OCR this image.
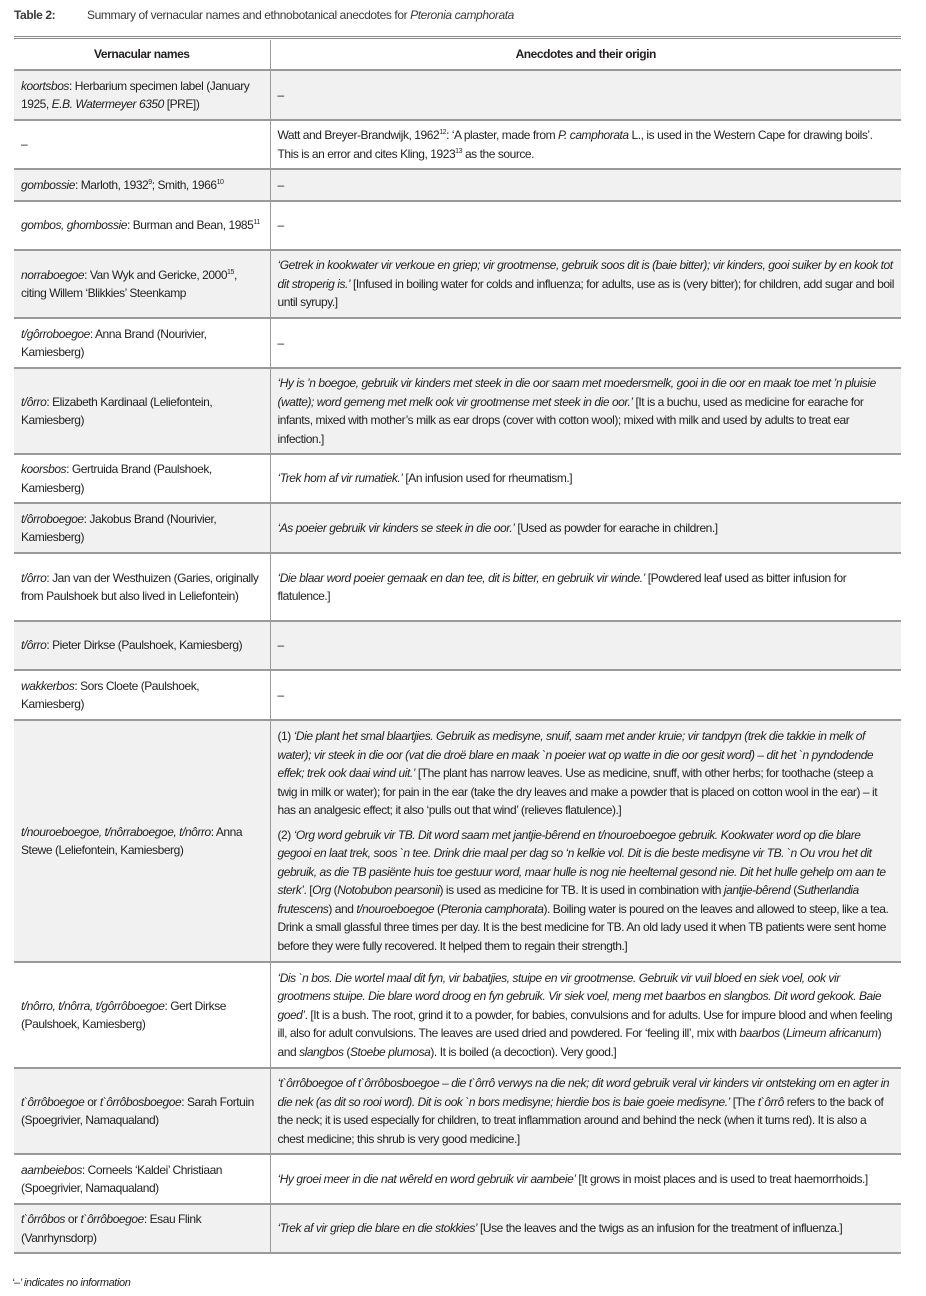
Table 2:	Summary of vernacular names and ethnobotanical anecdotes for Pteronia camphorata
Vernacular names	Anecdotes and their origin
koortsbos: Herbarium specimen label (January 1925, E.B. Watermeyer 6350 [PRE])	–

–	Watt and Breyer-Brandwijk, 1962$^{12}$: ‘A plaster, made from P. camphorata L., is used in the Western Cape for drawing boils’. This is an error and cites Kling, 1923$^{13}$ as the source.

gombossie: Marloth, 1932$^9$; Smith, 1966$^{10}$	–

gombos, ghombossie: Burman and Bean, 1985$^{11}$	–

norraboegoe: Van Wyk and Gericke, 2000$^{15}$, citing Willem ‘Blikkies’ Steenkamp	‘Getrek in kookwater vir verkoue en griep; vir grootmense, gebruik soos dit is (baie bitter); vir kinders, gooi suiker by en kook tot dit stroperig is.’ [Infused in boiling water for colds and influenza; for adults, use as is (very bitter); for children, add sugar and boil until syrupy.]

t/gôrroboegoe: Anna Brand (Nourivier, Kamiesberg)	–

t/ôrro: Elizabeth Kardinaal (Leliefontein, Kamiesberg)	‘Hy is ’n boegoe, gebruik vir kinders met steek in die oor saam met moedersmelk, gooi in die oor en maak toe met ’n pluisie (watte); word gemeng met melk ook vir grootmense met steek in die oor.’ [It is a buchu, used as medicine for earache for infants, mixed with mother’s milk as ear drops (cover with cotton wool); mixed with milk and used by adults to treat ear infection.]

koorsbos: Gertruida Brand (Paulshoek, Kamiesberg)	‘Trek hom af vir rumatiek.’ [An infusion used for rheumatism.]

t/ôrroboegoe: Jakobus Brand (Nourivier, Kamiesberg)	‘As poeier gebruik vir kinders se steek in die oor.’ [Used as powder for earache in children.]

t/ôrro: Jan van der Westhuizen (Garies, originally from Paulshoek but also lived in Leliefontein)	‘Die blaar word poeier gemaak en dan tee, dit is bitter, en gebruik vir winde.’ [Powdered leaf used as bitter infusion for flatulence.]

t/ôrro: Pieter Dirkse (Paulshoek, Kamiesberg)	–

wakkerbos: Sors Cloete (Paulshoek, Kamiesberg)	–

t/nouroeboegoe, t/nôrraboegoe, t/nôrro: Anna Stewe (Leliefontein, Kamiesberg)	(1) ‘Die plant het smal blaartjies. Gebruik as medisyne, snuif, saam met ander kruie; vir tandpyn (trek die takkie in melk of water); vir steek in die oor (vat die droë blare en maak `n poeier wat op watte in die oor gesit word) – dit het `n pyndodende effek; trek ook daai wind uit.’ [The plant has narrow leaves. Use as medicine, snuff, with other herbs; for toothache (steep a twig in milk or water); for pain in the ear (take the dry leaves and make a powder that is placed on cotton wool in the ear) – it has an analgesic effect; it also ‘pulls out that wind’ (relieves flatulence).]

(2) ‘Org word gebruik vir TB. Dit word saam met jantjie-bêrend en t/nouroeboegoe gebruik. Kookwater word op die blare gegooi en laat trek, soos `n tee. Drink drie maal per dag so ‘n kelkie vol. Dit is die beste medisyne vir TB. `n Ou vrou het dit gebruik, as die TB pasiënte huis toe gestuur word, maar hulle is nog nie heeltemal gesond nie. Dit het hulle gehelp om aan te sterk’. [Org (Notobubon pearsonii) is used as medicine for TB. It is used in combination with jantjie-bêrend (Sutherlandia frutescens) and t/nouroeboegoe (Pteronia camphorata). Boiling water is poured on the leaves and allowed to steep, like a tea. Drink a small glassful three times per day. It is the best medicine for TB. An old lady used it when TB patients were sent home before they were fully recovered. It helped them to regain their strength.]

t/nôrro, t/nôrra, t/gôrrôboegoe: Gert Dirkse (Paulshoek, Kamiesberg)	‘Dis `n bos. Die wortel maal dit fyn, vir babatjies, stuipe en vir grootmense. Gebruik vir vuil bloed en siek voel, ook vir grootmens stuipe. Die blare word droog en fyn gebruik. Vir siek voel, meng met baarbos en slangbos. Dit word gekook. Baie goed’. [It is a bush. The root, grind it to a powder, for babies, convulsions and for adults. Use for impure blood and when feeling ill, also for adult convulsions. The leaves are used dried and powdered. For ‘feeling ill’, mix with baarbos (Limeum africanum) and slangbos (Stoebe plumosa). It is boiled (a decoction). Very good.]

t`ôrrôboegoe or t`ôrrôbosboegoe: Sarah Fortuin (Spoegrivier, Namaqualand)	‘t`ôrrôboegoe of t`ôrrôbosboegoe – die t`ôrrô verwys na die nek; dit word gebruik veral vir kinders vir ontsteking om en agter in die nek (as dit so rooi word). Dit is ook `n bors medisyne; hierdie bos is baie goeie medisyne.’ [The t`ôrrô refers to the back of the neck; it is used especially for children, to treat inflammation around and behind the neck (when it turns red). It is also a chest medicine; this shrub is very good medicine.]

aambeiebos: Corneels ‘Kaldei’ Christiaan (Spoegrivier, Namaqualand)	‘Hy groei meer in die nat wêreld en word gebruik vir aambeie’ [It grows in moist places and is used to treat haemorrhoids.]

t`ôrrôbos or t`ôrrôboegoe: Esau Flink (Vanrhynsdorp)	‘Trek af vir griep die blare en die stokkies’ [Use the leaves and the twigs as an infusion for the treatment of influenza.]

‘–’ indicates no information
